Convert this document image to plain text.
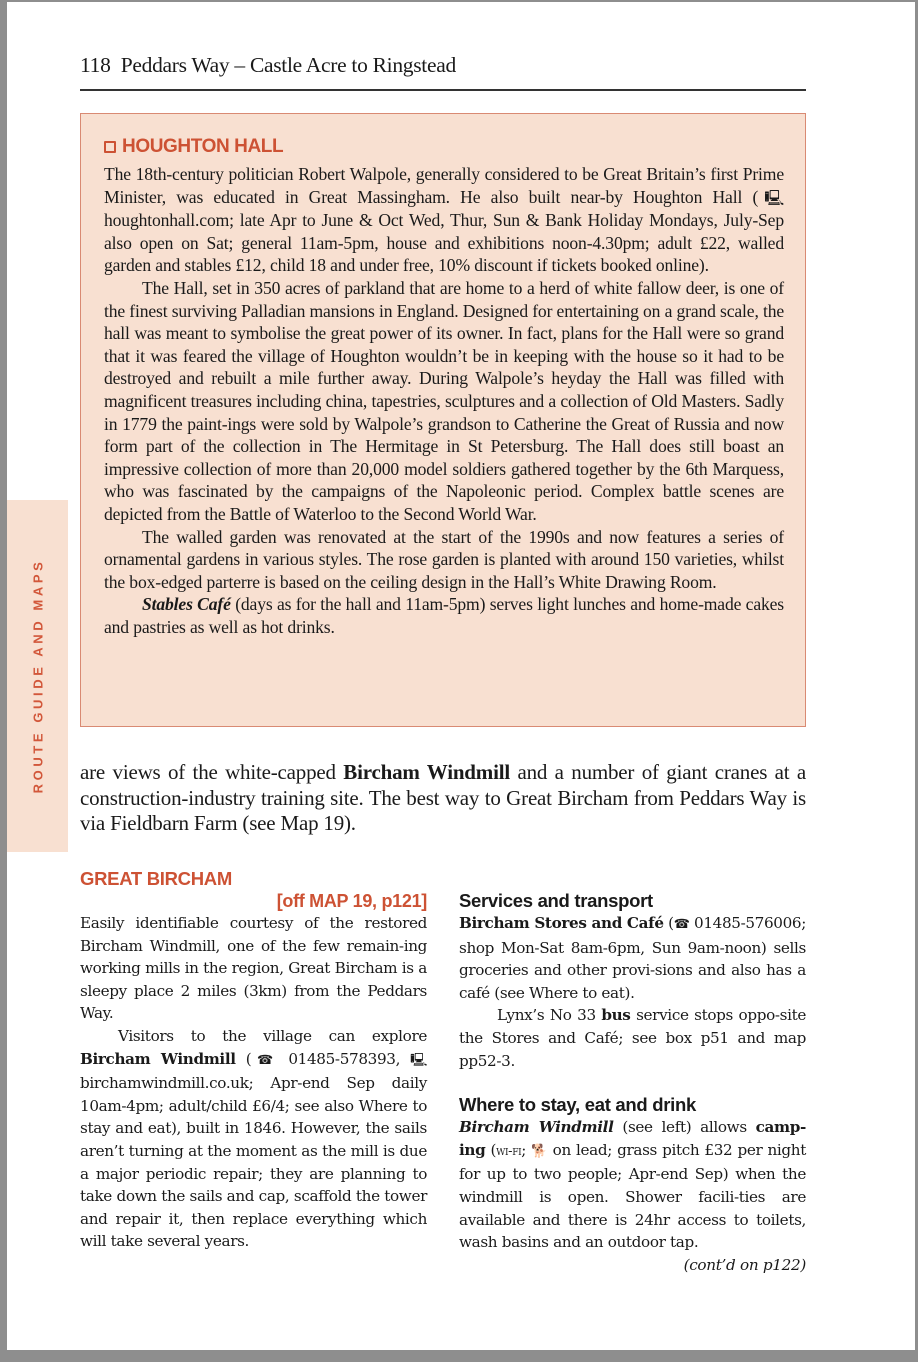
118 Peddars Way – Castle Acre to Ringstead
HOUGHTON HALL

The 18th-century politician Robert Walpole, generally considered to be Great Britain’s first Prime Minister, was educated in Great Massingham. He also built near-by Houghton Hall (🖳 houghtonhall.com; late Apr to June & Oct Wed, Thur, Sun & Bank Holiday Mondays, July-Sep also open on Sat; general 11am-5pm, house and exhibitions noon-4.30pm; adult £22, walled garden and stables £12, child 18 and under free, 10% discount if tickets booked online).

The Hall, set in 350 acres of parkland that are home to a herd of white fallow deer, is one of the finest surviving Palladian mansions in England. Designed for entertaining on a grand scale, the hall was meant to symbolise the great power of its owner. In fact, plans for the Hall were so grand that it was feared the village of Houghton wouldn’t be in keeping with the house so it had to be destroyed and rebuilt a mile further away. During Walpole’s heyday the Hall was filled with magnificent treasures including china, tapestries, sculptures and a collection of Old Masters. Sadly in 1779 the paint-ings were sold by Walpole’s grandson to Catherine the Great of Russia and now form part of the collection in The Hermitage in St Petersburg. The Hall does still boast an impressive collection of more than 20,000 model soldiers gathered together by the 6th Marquess, who was fascinated by the campaigns of the Napoleonic period. Complex battle scenes are depicted from the Battle of Waterloo to the Second World War.

The walled garden was renovated at the start of the 1990s and now features a series of ornamental gardens in various styles. The rose garden is planted with around 150 varieties, whilst the box-edged parterre is based on the ceiling design in the Hall’s White Drawing Room.

Stables Café (days as for the hall and 11am-5pm) serves light lunches and home-made cakes and pastries as well as hot drinks.

ROUTE GUIDE AND MAPS are views of the white-capped Bircham Windmill and a number of giant cranes at a construction-industry training site. The best way to Great Bircham from Peddars Way is via Fieldbarn Farm (see Map 19).

GREAT BIRCHAM
[off MAP 19, p121]

Easily identifiable courtesy of the restored Bircham Windmill, one of the few remain-ing working mills in the region, Great Bircham is a sleepy place 2 miles (3km) from the Peddars Way.

Visitors to the village can explore Bircham Windmill (☎ 01485-578393, 🖳 birchamwindmill.co.uk; Apr-end Sep daily 10am-4pm; adult/child £6/4; see also Where to stay and eat), built in 1846. However, the sails aren’t turning at the moment as the mill is due a major periodic repair; they are planning to take down the sails and cap, scaffold the tower and repair it, then replace everything which will take several years.

Services and transport

Bircham Stores and Café (☎ 01485-576006; shop Mon-Sat 8am-6pm, Sun 9am-noon) sells groceries and other provi-sions and also has a café (see Where to eat).

Lynx’s No 33 bus service stops oppo-site the Stores and Café; see box p51 and map pp52-3.

Where to stay, eat and drink

Bircham Windmill (see left) allows camp-ing (wi-fi; 🐕 on lead; grass pitch £32 per night for up to two people; Apr-end Sep) when the windmill is open. Shower facili-ties are available and there is 24hr access to toilets, wash basins and an outdoor tap.

(cont’d on p122)
